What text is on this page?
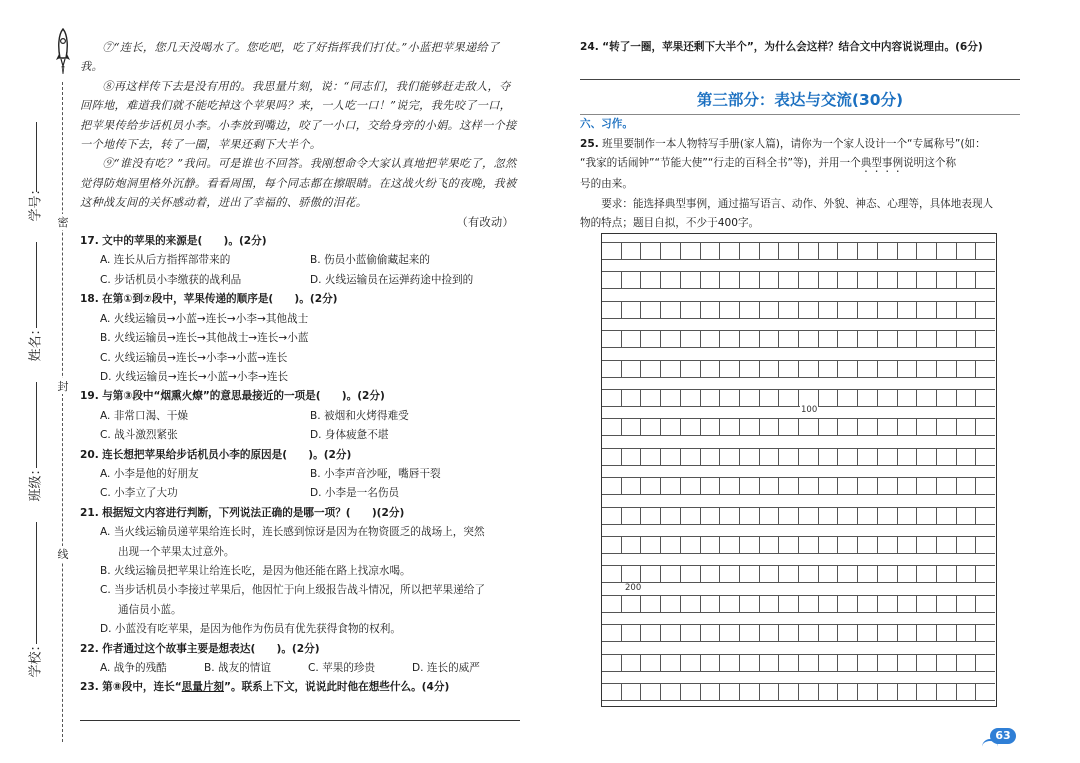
学号：
姓名：
班级：
学校：
密
封
线

⑦“连长，您几天没喝水了。您吃吧，吃了好指挥我们打仗。”小蓝把苹果递给了我。

⑧再这样传下去是没有用的。我思量片刻，说：“同志们，我们能够赶走敌人，夺回阵地，难道我们就不能吃掉这个苹果吗？来，一人吃一口！”说完，我先咬了一口，把苹果传给步话机员小李。小李放到嘴边，咬了一小口，交给身旁的小娟。这样一个接一个地传下去，转了一圈，苹果还剩下大半个。

⑨“谁没有吃？”我问。可是谁也不回答。我刚想命令大家认真地把苹果吃了，忽然觉得防炮洞里格外沉静。看看周围，每个同志都在擦眼睛。在这战火纷飞的夜晚，我被这种战友间的关怀感动着，迸出了幸福的、骄傲的泪花。

（有改动）

17. 文中的苹果的来源是(　　)。(2分)

A. 连长从后方指挥部带来的	B. 伤员小蓝偷偷藏起来的
C. 步话机员小李缴获的战利品	D. 火线运输员在运弹药途中捡到的

18. 在第①到⑦段中，苹果传递的顺序是(　　)。(2分)

A. 火线运输员→小蓝→连长→小李→其他战士

B. 火线运输员→连长→其他战士→连长→小蓝

C. 火线运输员→连长→小李→小蓝→连长

D. 火线运输员→连长→小蓝→小李→连长

19. 与第③段中“烟熏火燎”的意思最接近的一项是(　　)。(2分)

A. 非常口渴、干燥	B. 被烟和火烤得难受
C. 战斗激烈紧张	D. 身体疲惫不堪

20. 连长想把苹果给步话机员小李的原因是(　　)。(2分)

A. 小李是他的好朋友	B. 小李声音沙哑，嘴唇干裂
C. 小李立了大功	D. 小李是一名伤员

21. 根据短文内容进行判断，下列说法正确的是哪一项？(　　)(2分)

A. 当火线运输员递苹果给连长时，连长感到惊讶是因为在物资匮乏的战场上，突然

出现一个苹果太过意外。

B. 火线运输员把苹果让给连长吃，是因为他还能在路上找凉水喝。

C. 当步话机员小李接过苹果后，他因忙于向上级报告战斗情况，所以把苹果递给了

通信员小蓝。

D. 小蓝没有吃苹果，是因为他作为伤员有优先获得食物的权利。

22. 作者通过这个故事主要是想表达(　　)。(2分)

A. 战争的残酷	B. 战友的情谊	C. 苹果的珍贵	D. 连长的威严

23. 第⑧段中，连长“思量片刻”。联系上下文，说说此时他在想些什么。(4分)

24. “转了一圈，苹果还剩下大半个”，为什么会这样？结合文中内容说说理由。(6分)

第三部分：表达与交流(30分)

六、习作。

25. 班里要制作一本人物特写手册(家人篇)，请你为一个家人设计一个“专属称号”(如：

“我家的话闹钟”“节能大使”“行走的百科全书”等)，并用一个典型事例说明这个称

号的由来。

要求：能选择典型事例，通过描写语言、动作、外貌、神态、心理等，具体地表现人

物的特点；题目自拟，不少于400字。

100
200
63
